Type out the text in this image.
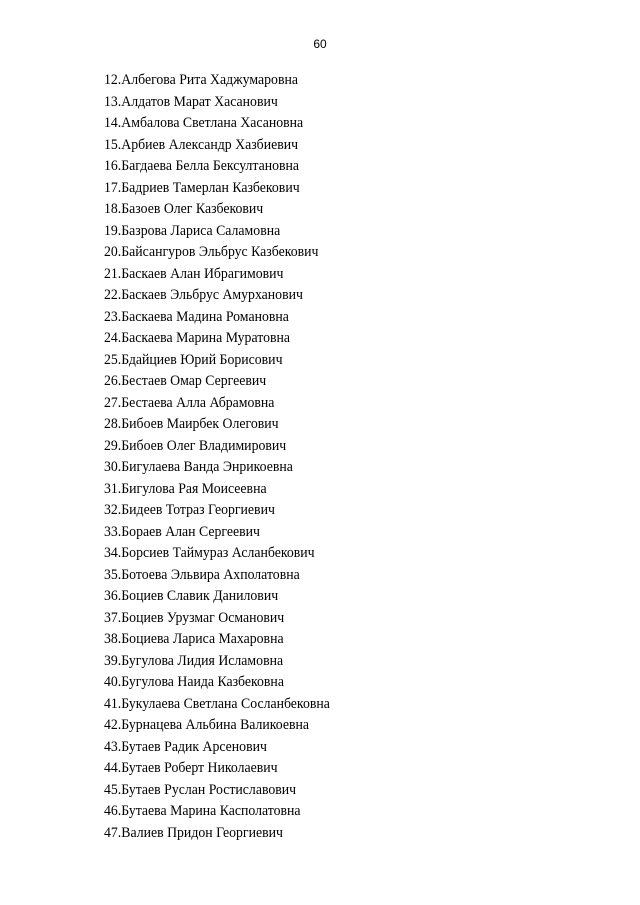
60
12.Албегова Рита Хаджумаровна
13.Алдатов Марат Хасанович
14.Амбалова Светлана Хасановна
15.Арбиев Александр Хазбиевич
16.Багдаева Белла Бексултановна
17.Бадриев Тамерлан Казбекович
18.Базоев Олег Казбекович
19.Базрова Лариса Саламовна
20.Байсангуров Эльбрус Казбекович
21.Баскаев Алан Ибрагимович
22.Баскаев Эльбрус Амурханович
23.Баскаева Мадина Романовна
24.Баскаева Марина Муратовна
25.Бдайциев Юрий Борисович
26.Бестаев Омар Сергеевич
27.Бестаева Алла Абрамовна
28.Бибоев Маирбек Олегович
29.Бибоев Олег Владимирович
30.Бигулаева Ванда Энрикоевна
31.Бигулова Рая Моисеевна
32.Бидеев Тотраз Георгиевич
33.Бораев Алан Сергеевич
34.Борсиев Таймураз Асланбекович
35.Ботоева Эльвира Ахполатовна
36.Боциев Славик Данилович
37.Боциев Урузмаг Османович
38.Боциева Лариса Махаровна
39.Бугулова Лидия Исламовна
40.Бугулова Наида Казбековна
41.Букулаева Светлана Сосланбековна
42.Бурнацева Альбина Валикоевна
43.Бутаев Радик Арсенович
44.Бутаев Роберт Николаевич
45.Бутаев Руслан Ростиславович
46.Бутаева Марина Касполатовна
47.Валиев Придон Георгиевич
